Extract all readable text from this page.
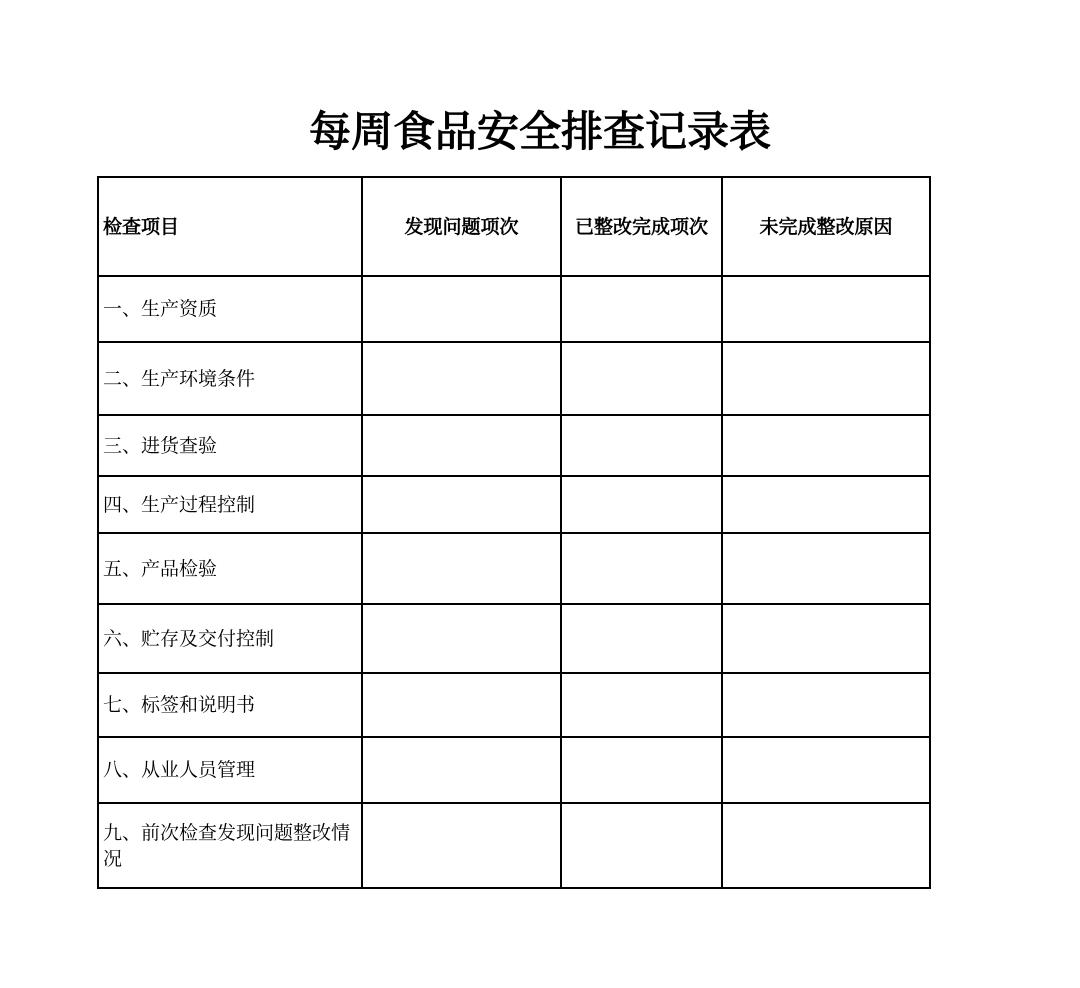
每周食品安全排查记录表
检查项目	发现问题项次	已整改完成项次	未完成整改原因
一、生产资质			
二、生产环境条件			
三、进货查验			
四、生产过程控制			
五、产品检验			
六、贮存及交付控制			
七、标签和说明书			
八、从业人员管理			
九、前次检查发现问题整改情况			
